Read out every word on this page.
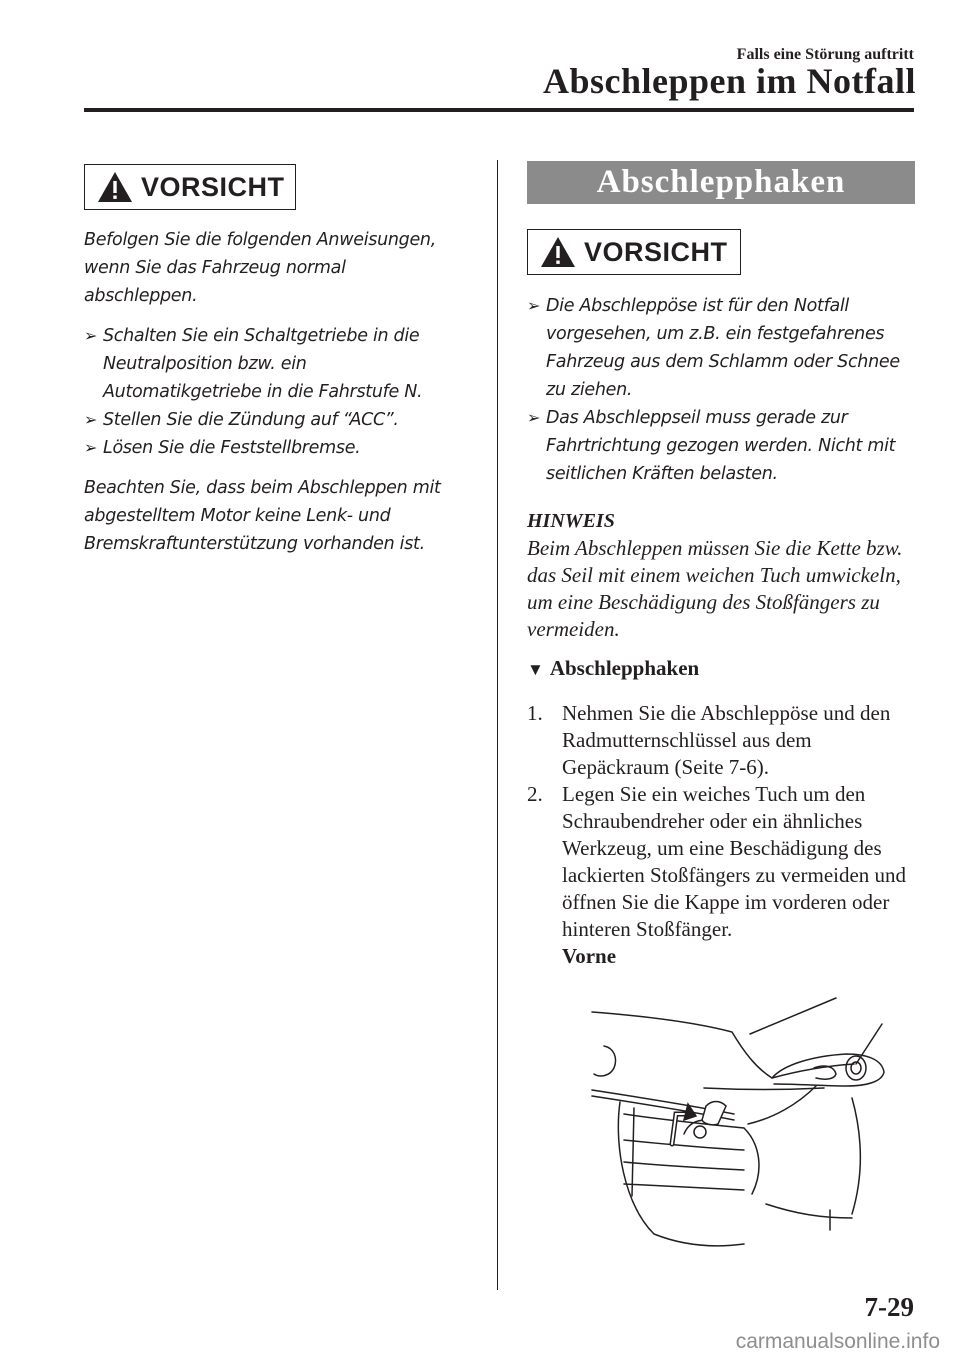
Falls eine Störung auftritt
Abschleppen im Notfall
VORSICHT

Befolgen Sie die folgenden Anweisungen, wenn Sie das Fahrzeug normal abschleppen.

➢ Schalten Sie ein Schaltgetriebe in die Neutralposition bzw. ein Automatikgetriebe in die Fahrstufe N.
➢ Stellen Sie die Zündung auf “ACC”.
➢ Lösen Sie die Feststellbremse.

Beachten Sie, dass beim Abschleppen mit abgestelltem Motor keine Lenk- und Bremskraftunterstützung vorhanden ist.

Abschlepphaken
VORSICHT
➢ Die Abschleppöse ist für den Notfall vorgesehen, um z.B. ein festgefahrenes Fahrzeug aus dem Schlamm oder Schnee zu ziehen.
➢ Das Abschleppseil muss gerade zur Fahrtrichtung gezogen werden. Nicht mit seitlichen Kräften belasten.
HINWEIS
Beim Abschleppen müssen Sie die Kette bzw. das Seil mit einem weichen Tuch umwickeln, um eine Beschädigung des Stoßfängers zu vermeiden.
▼ Abschlepphaken
1. Nehmen Sie die Abschleppöse und den Radmutternschlüssel aus dem Gepäckraum (Seite 7-6).
2. Legen Sie ein weiches Tuch um den Schraubendreher oder ein ähnliches Werkzeug, um eine Beschädigung des lackierten Stoßfängers zu vermeiden und öffnen Sie die Kappe im vorderen oder hinteren Stoßfänger.
Vorne
7-29
carmanualsonline.info
